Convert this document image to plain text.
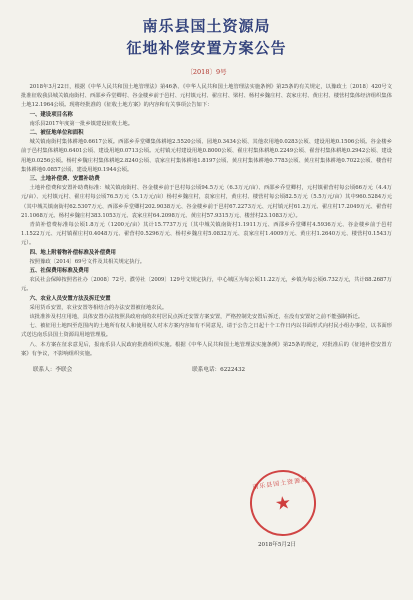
南乐县国土资源局
征地补偿安置方案公告
〔2018〕9号

2018年3月22日，根据《中华人民共和国土地管理法》第46条、《中华人民共和国土地管理法实施条例》第25条的有关规定，以豫政土〔2018〕420号文批准征收我县城关镇南街村、西邵乡乔堂卿村、谷金楼乡前于邑村、元村镇元村、翟庄村、梁村、杨村乡魏庄村、袁家庄村、黄庄村、楼营村集体经济组织集体土地12.1964公顷。现将经批准的《征收土地方案》的内容和有关事项公告如下：

一、建设项目名称

南乐县2017年度第一批乡镇建设征收土地。

二、被征地单位和面积

城关镇南街村集体耕地0.6617公顷。西邵乡乔堂卿集体耕地2.5520公顷、园地0.3434公顷、其他农用地0.0283公顷、建设用地0.1506公顷。谷金楼乡前于邑村集体耕地0.6401公顷、建设用地0.0713公顷。元村镇元村建设用地0.8000公顷、翟庄村集体耕地0.2249公顷、翟营村集体耕地0.2942公顷、建设用地0.0256公顷。杨村乡魏庄村集体耕地2.8240公顷、袁家庄村集体耕地1.8197公顷、黄庄村集体耕地0.7783公顷、黄庄村集体耕地0.7022公顷、楼营村集体耕地0.0857公顷、建设用地0.1944公顷。

三、土地补偿费、安置补助费

土地补偿费和安置补助费标准：城关镇南街村、谷金楼乡前于邑村每公顷94.5万元（6.3万元/亩）、西邵乡乔堂卿村，元村镇翟营村每公顷66万元（4.4万元/亩）、元村镇元村、翟庄村每公顷76.5万元（5.1万元/亩）杨村乡魏庄村，袁家庄村，黄庄村、楼营村每公顷82.5万元（5.5万元/亩）其中960.5284万元（其中城关镇南街村62.5307万元、西邵乡乔堂卿村202.9038万元、谷金楼乡前于邑村67.2273万元、元村镇元村61.2万元、翟庄村17.2049万元、翟营村21.1068万元、杨村乡魏庄村383.1053万元、袁家庄村64.2098万元、黄庄村57.9315万元、楼营村23.1083万元）。

青苗补偿费标准每公顷1.8万元（1200元/亩）其计15.7737万元（其中城关镇南街村1.1911万元、西邵乡乔堂卿村4.5936万元、谷金楼乡前于邑村1.1522万元、元村镇翟庄村0.4048万元、翟营村0.5296万元、杨村乡魏庄村5.0832万元、袁家庄村1.4009万元、黄庄村1.2640万元、楼营村0.1543万元）。

四、地上附着物补偿标准及补偿费用

按照豫政〔2014〕69号文件及其相关规定执行。

五、社保费用标准及费用

农民社会保障按照省社办〔2008〕72号、濮劳社〔2009〕129号文规定执行，中心城区为每公顷11.22万元，乡镇为每公顷6.732万元，共计88.2687万元。

六、农业人员安置方法及拆迁安置

采用货币安置，农业安置等相结合的办法安置被征地农民。

该批准涉及村庄用地，具体安置办法按照县政府南的农村居民点拆迁安置方案安置，严格控制先安置后拆迁，在没有安置好之前不能强制拆迁。

七、被征用土地四至范围内的土地所有权人和使用权人对本方案内容如有不同意见，请于公告之日起十个工作日内以书面形式向村民小组办事位，以书面形式送达南乐县国土资源局用地管理股。

八、本方案在征求意见后，报南乐县人民政府批准组织实施。根据《中华人民共和国土地管理法实施条例》第25条的规定，对批准后的《征地补偿安置方案》有争议，不影响组织实施。

联系人：李联会	联系电话：6222432
南乐县国土资源局
★
2018年5月2日
